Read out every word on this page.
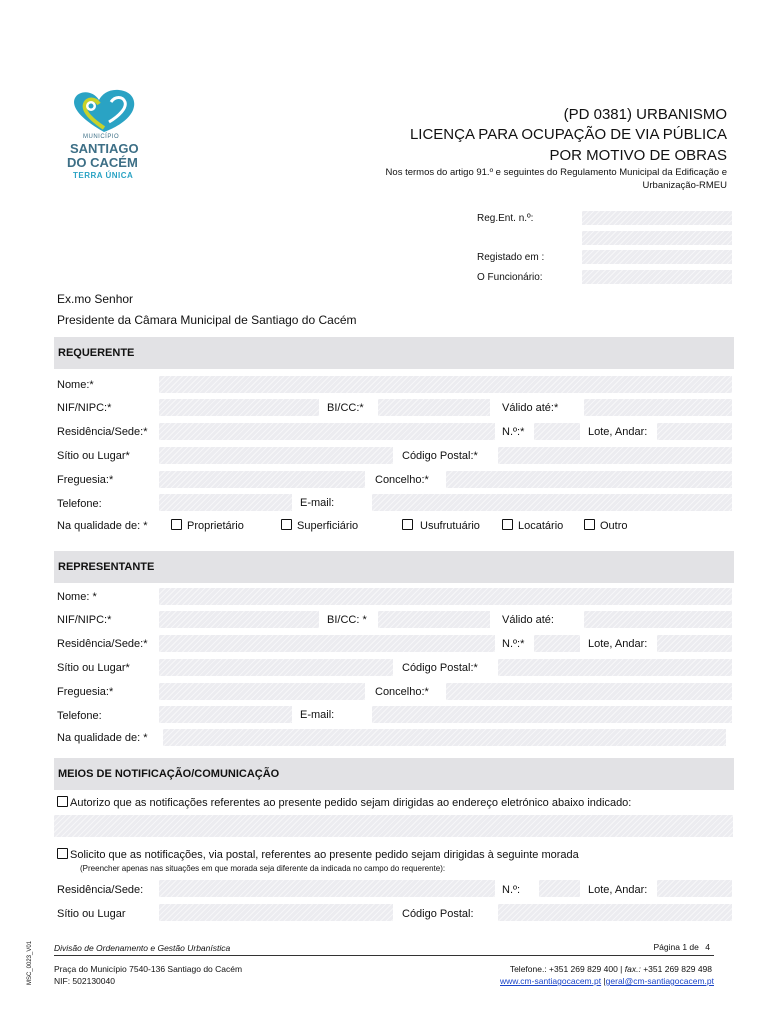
MUNICÍPIO
SANTIAGO
DO CACÉM
TERRA ÚNICA
(PD 0381) URBANISMO
LICENÇA PARA OCUPAÇÃO DE VIA PÚBLICA
POR MOTIVO DE OBRAS
Nos termos do artigo 91.º e seguintes do Regulamento Municipal da Edificação e
Urbanização-RMEU
Reg.Ent. n.º:
Registado em :
O Funcionário:
Ex.mo Senhor
Presidente da Câmara Municipal de Santiago do Cacém
REQUERENTE
Nome:*
NIF/NIPC:*	BI/CC:*	Válido até:*
Residência/Sede:*	N.º:*	Lote, Andar:
Sítio ou Lugar*	Código Postal:*
Freguesia:*	Concelho:*
Telefone:	E-mail:
Na qualidade de: *	Proprietário	Superficiário	Usufrutuário	Locatário	Outro
REPRESENTANTE
Nome: *
NIF/NIPC:*	BI/CC: *	Válido até:
Residência/Sede:*	N.º:*	Lote, Andar:
Sítio ou Lugar*	Código Postal:*
Freguesia:*	Concelho:*
Telefone:	E-mail:
Na qualidade de: *
MEIOS DE NOTIFICAÇÃO/COMUNICAÇÃO
Autorizo que as notificações referentes ao presente pedido sejam dirigidas ao endereço eletrónico abaixo indicado:
Solicito que as notificações, via postal, referentes ao presente pedido sejam dirigidas à seguinte morada
(Preencher apenas nas situações em que morada seja diferente da indicada no campo do requerente):
Residência/Sede:	N.º:	Lote, Andar:
Sítio ou Lugar	Código Postal:
MSC_0023_V01 Divisão de Ordenamento e Gestão Urbanística	Página 1 de 4
Praça do Município 7540-136 Santiago do Cacém
NIF: 502130040
Telefone.: +351 269 829 400 | fax.: +351 269 829 498
www.cm-santiagocacem.pt |geral@cm-santiagocacem.pt
